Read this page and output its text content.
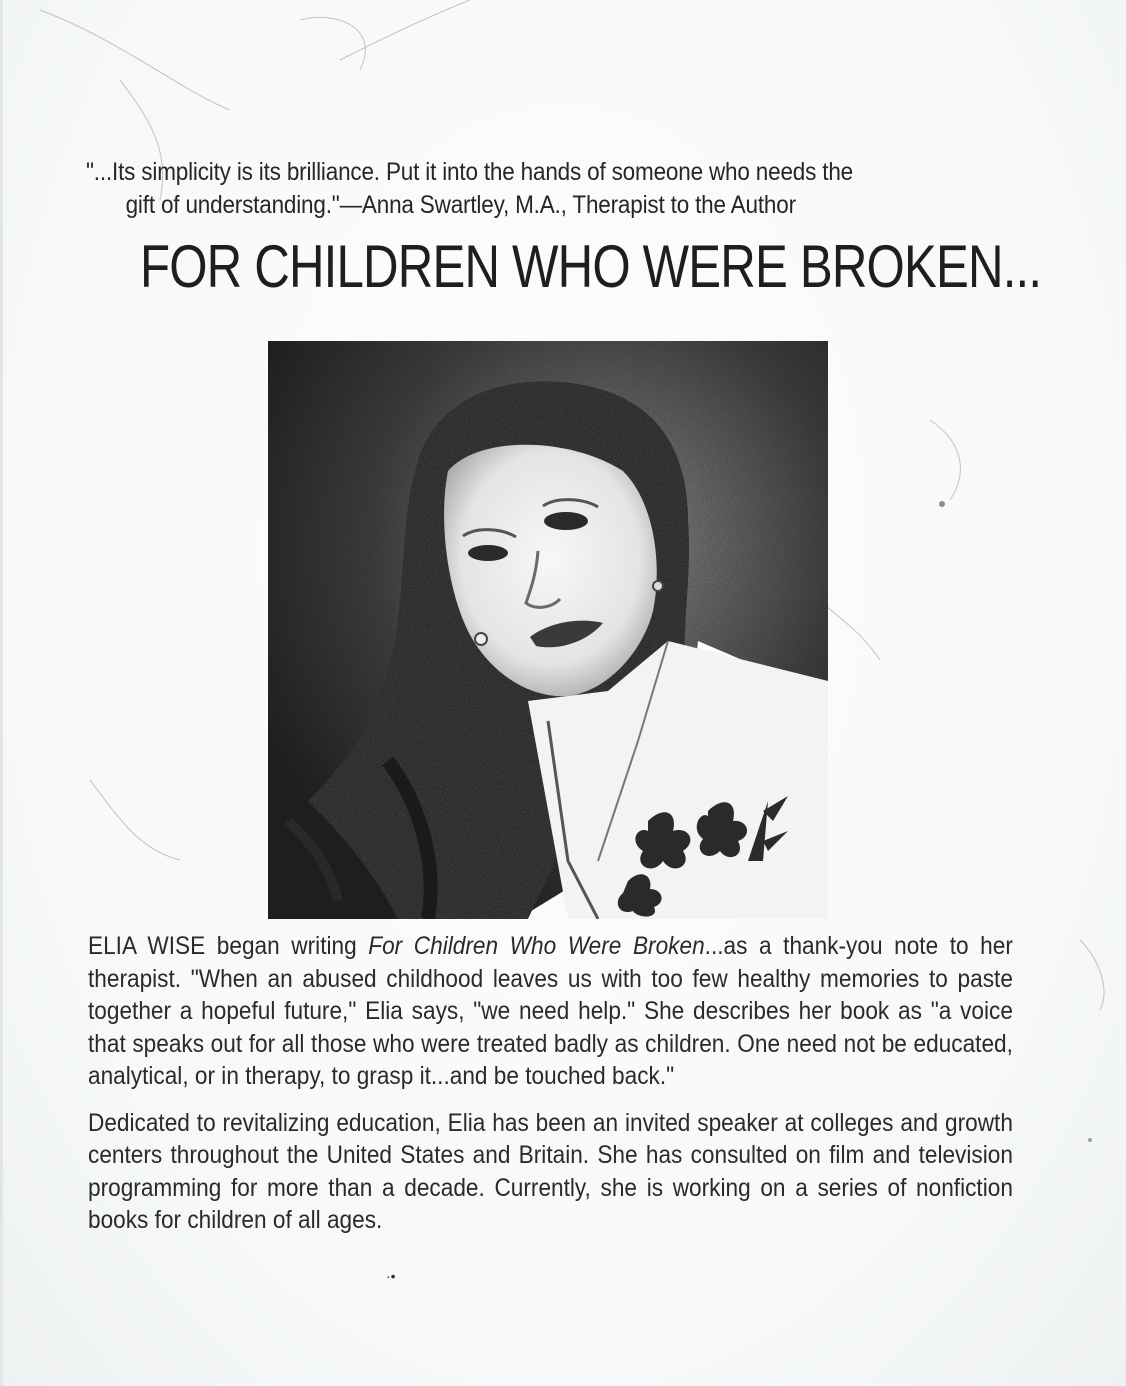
"...Its simplicity is its brilliance. Put it into the hands of someone who needs the
gift of understanding."—Anna Swartley, M.A., Therapist to the Author
FOR CHILDREN WHO WERE BROKEN...

ELIA WISE began writing For Children Who Were Broken...as a thank-you note to her therapist. "When an abused childhood leaves us with too few healthy memories to paste together a hopeful future," Elia says, "we need help." She describes her book as "a voice that speaks out for all those who were treated badly as children. One need not be educated, analytical, or in therapy, to grasp it...and be touched back."

Dedicated to revitalizing education, Elia has been an invited speaker at colleges and growth centers throughout the United States and Britain. She has consulted on film and television programming for more than a decade. Currently, she is working on a series of nonfiction books for children of all ages.

·•
